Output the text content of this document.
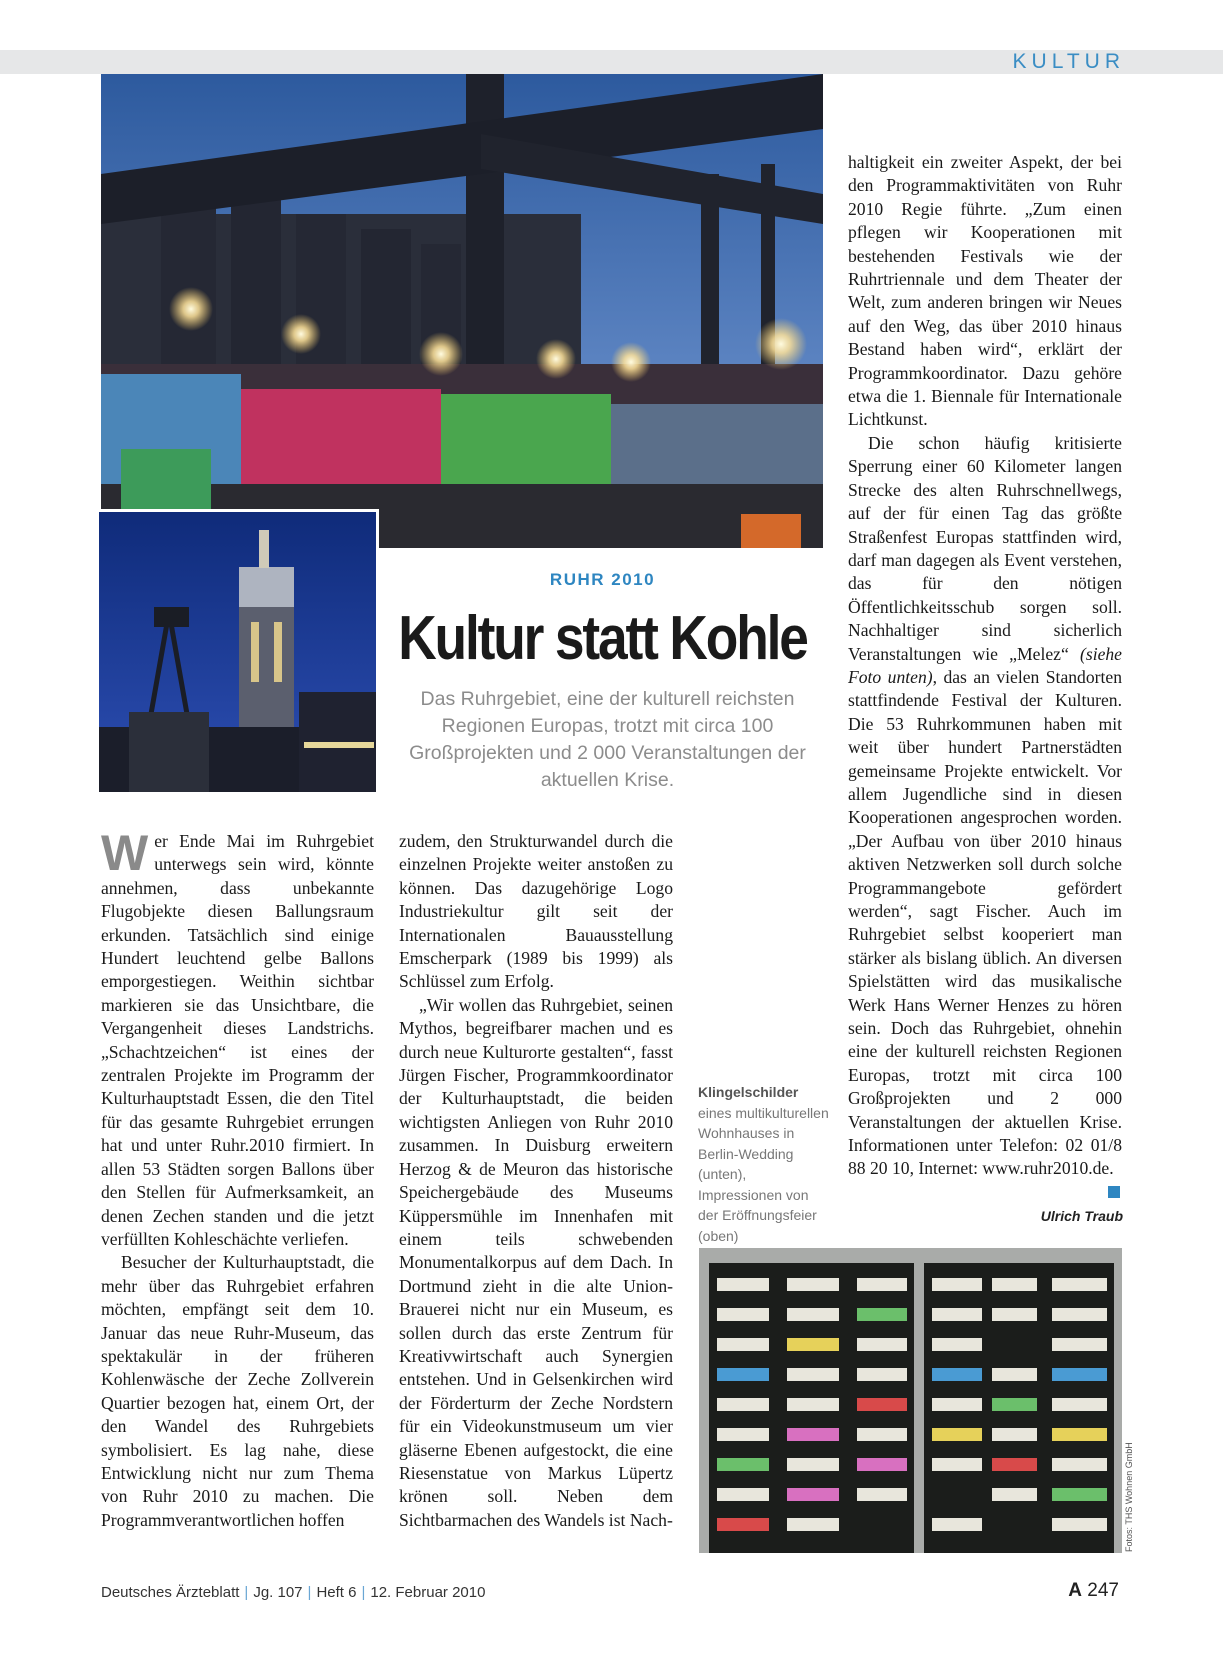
KULTUR
RUHR 2010
Kultur statt Kohle
Das Ruhrgebiet, eine der kulturell reichsten Regionen Europas, trotzt mit circa 100 Großprojekten und 2 000 Veranstaltungen der aktuellen Krise.

Wer Ende Mai im Ruhrgebiet unterwegs sein wird, könnte annehmen, dass unbekannte Flugobjekte diesen Ballungsraum erkunden. Tatsächlich sind einige Hundert leuchtend gelbe Ballons emporgestiegen. Weithin sichtbar markieren sie das Unsichtbare, die Vergangenheit dieses Landstrichs. „Schachtzeichen“ ist eines der zentralen Projekte im Programm der Kulturhauptstadt Essen, die den Titel für das gesamte Ruhrgebiet errungen hat und unter Ruhr.2010 firmiert. In allen 53 Städten sorgen Ballons über den Stellen für Aufmerksamkeit, an denen Zechen standen und die jetzt verfüllten Kohleschächte verliefen.

Besucher der Kulturhauptstadt, die mehr über das Ruhrgebiet erfahren möchten, empfängt seit dem 10. Januar das neue Ruhr-Museum, das spektakulär in der früheren Kohlenwäsche der Zeche Zollverein Quartier bezogen hat, einem Ort, der den Wandel des Ruhrgebiets symbolisiert. Es lag nahe, diese Entwicklung nicht nur zum Thema von Ruhr 2010 zu machen. Die Programmverantwortlichen hoffen

zudem, den Strukturwandel durch die einzelnen Projekte weiter anstoßen zu können. Das dazugehörige Logo Industriekultur gilt seit der Internationalen Bauausstellung Emscherpark (1989 bis 1999) als Schlüssel zum Erfolg.

„Wir wollen das Ruhrgebiet, seinen Mythos, begreifbarer machen und es durch neue Kulturorte gestalten“, fasst Jürgen Fischer, Programmkoordinator der Kulturhauptstadt, die beiden wichtigsten Anliegen von Ruhr 2010 zusammen. In Duisburg erweitern Herzog & de Meuron das historische Speichergebäude des Museums Küppersmühle im Innenhafen mit einem teils schwebenden Monumentalkorpus auf dem Dach. In Dortmund zieht in die alte Union-Brauerei nicht nur ein Museum, es sollen durch das erste Zentrum für Kreativwirtschaft auch Synergien entstehen. Und in Gelsenkirchen wird der Förderturm der Zeche Nordstern für ein Videokunstmuseum um vier gläserne Ebenen aufgestockt, die eine Riesenstatue von Markus Lüpertz krönen soll. Neben dem Sichtbarmachen des Wandels ist Nach-

haltigkeit ein zweiter Aspekt, der bei den Programmaktivitäten von Ruhr 2010 Regie führte. „Zum einen pflegen wir Kooperationen mit bestehenden Festivals wie der Ruhrtriennale und dem Theater der Welt, zum anderen bringen wir Neues auf den Weg, das über 2010 hinaus Bestand haben wird“, erklärt der Programmkoordinator. Dazu gehöre etwa die 1. Biennale für Internationale Lichtkunst.

Die schon häufig kritisierte Sperrung einer 60 Kilometer langen Strecke des alten Ruhrschnellwegs, auf der für einen Tag das größte Straßenfest Europas stattfinden wird, darf man dagegen als Event verstehen, das für den nötigen Öffentlichkeitsschub sorgen soll. Nachhaltiger sind sicherlich Veranstaltungen wie „Melez“ (siehe Foto unten), das an vielen Standorten stattfindende Festival der Kulturen. Die 53 Ruhrkommunen haben mit weit über hundert Partnerstädten gemeinsame Projekte entwickelt. Vor allem Jugendliche sind in diesen Kooperationen angesprochen worden. „Der Aufbau von über 2010 hinaus aktiven Netzwerken soll durch solche Programmangebote gefördert werden“, sagt Fischer. Auch im Ruhrgebiet selbst kooperiert man stärker als bislang üblich. An diversen Spielstätten wird das musikalische Werk Hans Werner Henzes zu hören sein. Doch das Ruhrgebiet, ohnehin eine der kulturell reichsten Regionen Europas, trotzt mit circa 100 Großprojekten und 2 000 Veranstaltungen der aktuellen Krise. Informationen unter Telefon: 02 01/8 88 20 10, Internet: www.ruhr2010.de.

Ulrich Traub
Klingelschilder eines multikulturellen Wohnhauses in Berlin-Wedding (unten), Impressionen von der Eröffnungsfeier (oben)
Fotos: THS Wohnen GmbH
Deutsches Ärzteblatt | Jg. 107 | Heft 6 | 12. Februar 2010	A 247
